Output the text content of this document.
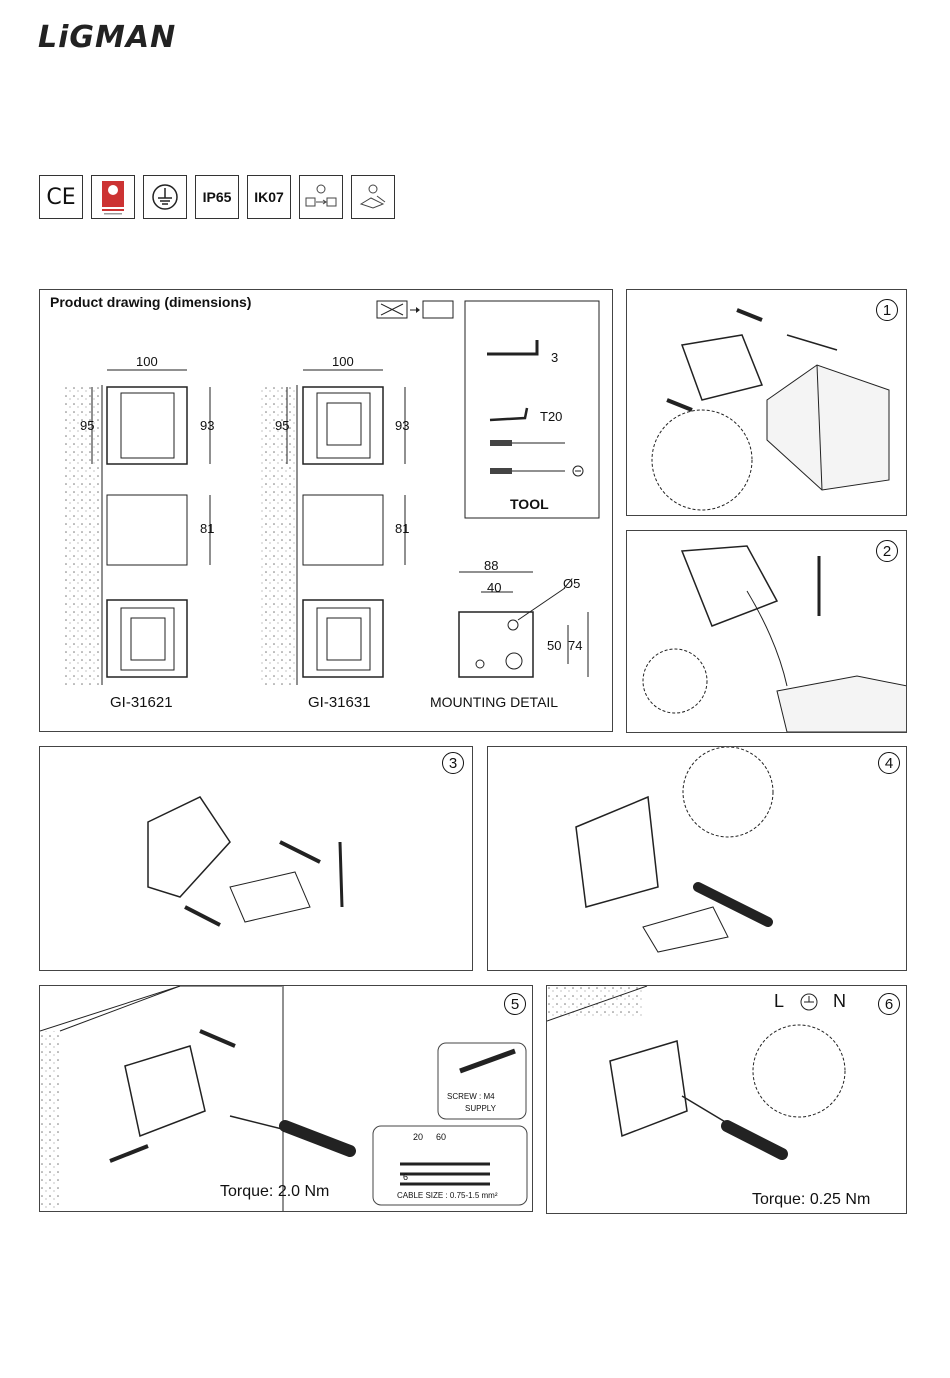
LiGMAN
CE	IP65 IK07
Product drawing (dimensions)
100	100
95	95
93	93
81	81
GI-31621	GI-31631
3
T20
TOOL
88
40	Ø5
50 74
MOUNTING DETAIL
1
2
3	4
5
SCREW : M4
SUPPLY
20 60
6
CABLE SIZE : 0.75-1.5 mm²
Torque: 2.0 Nm
6
L	N
Torque: 0.25 Nm
